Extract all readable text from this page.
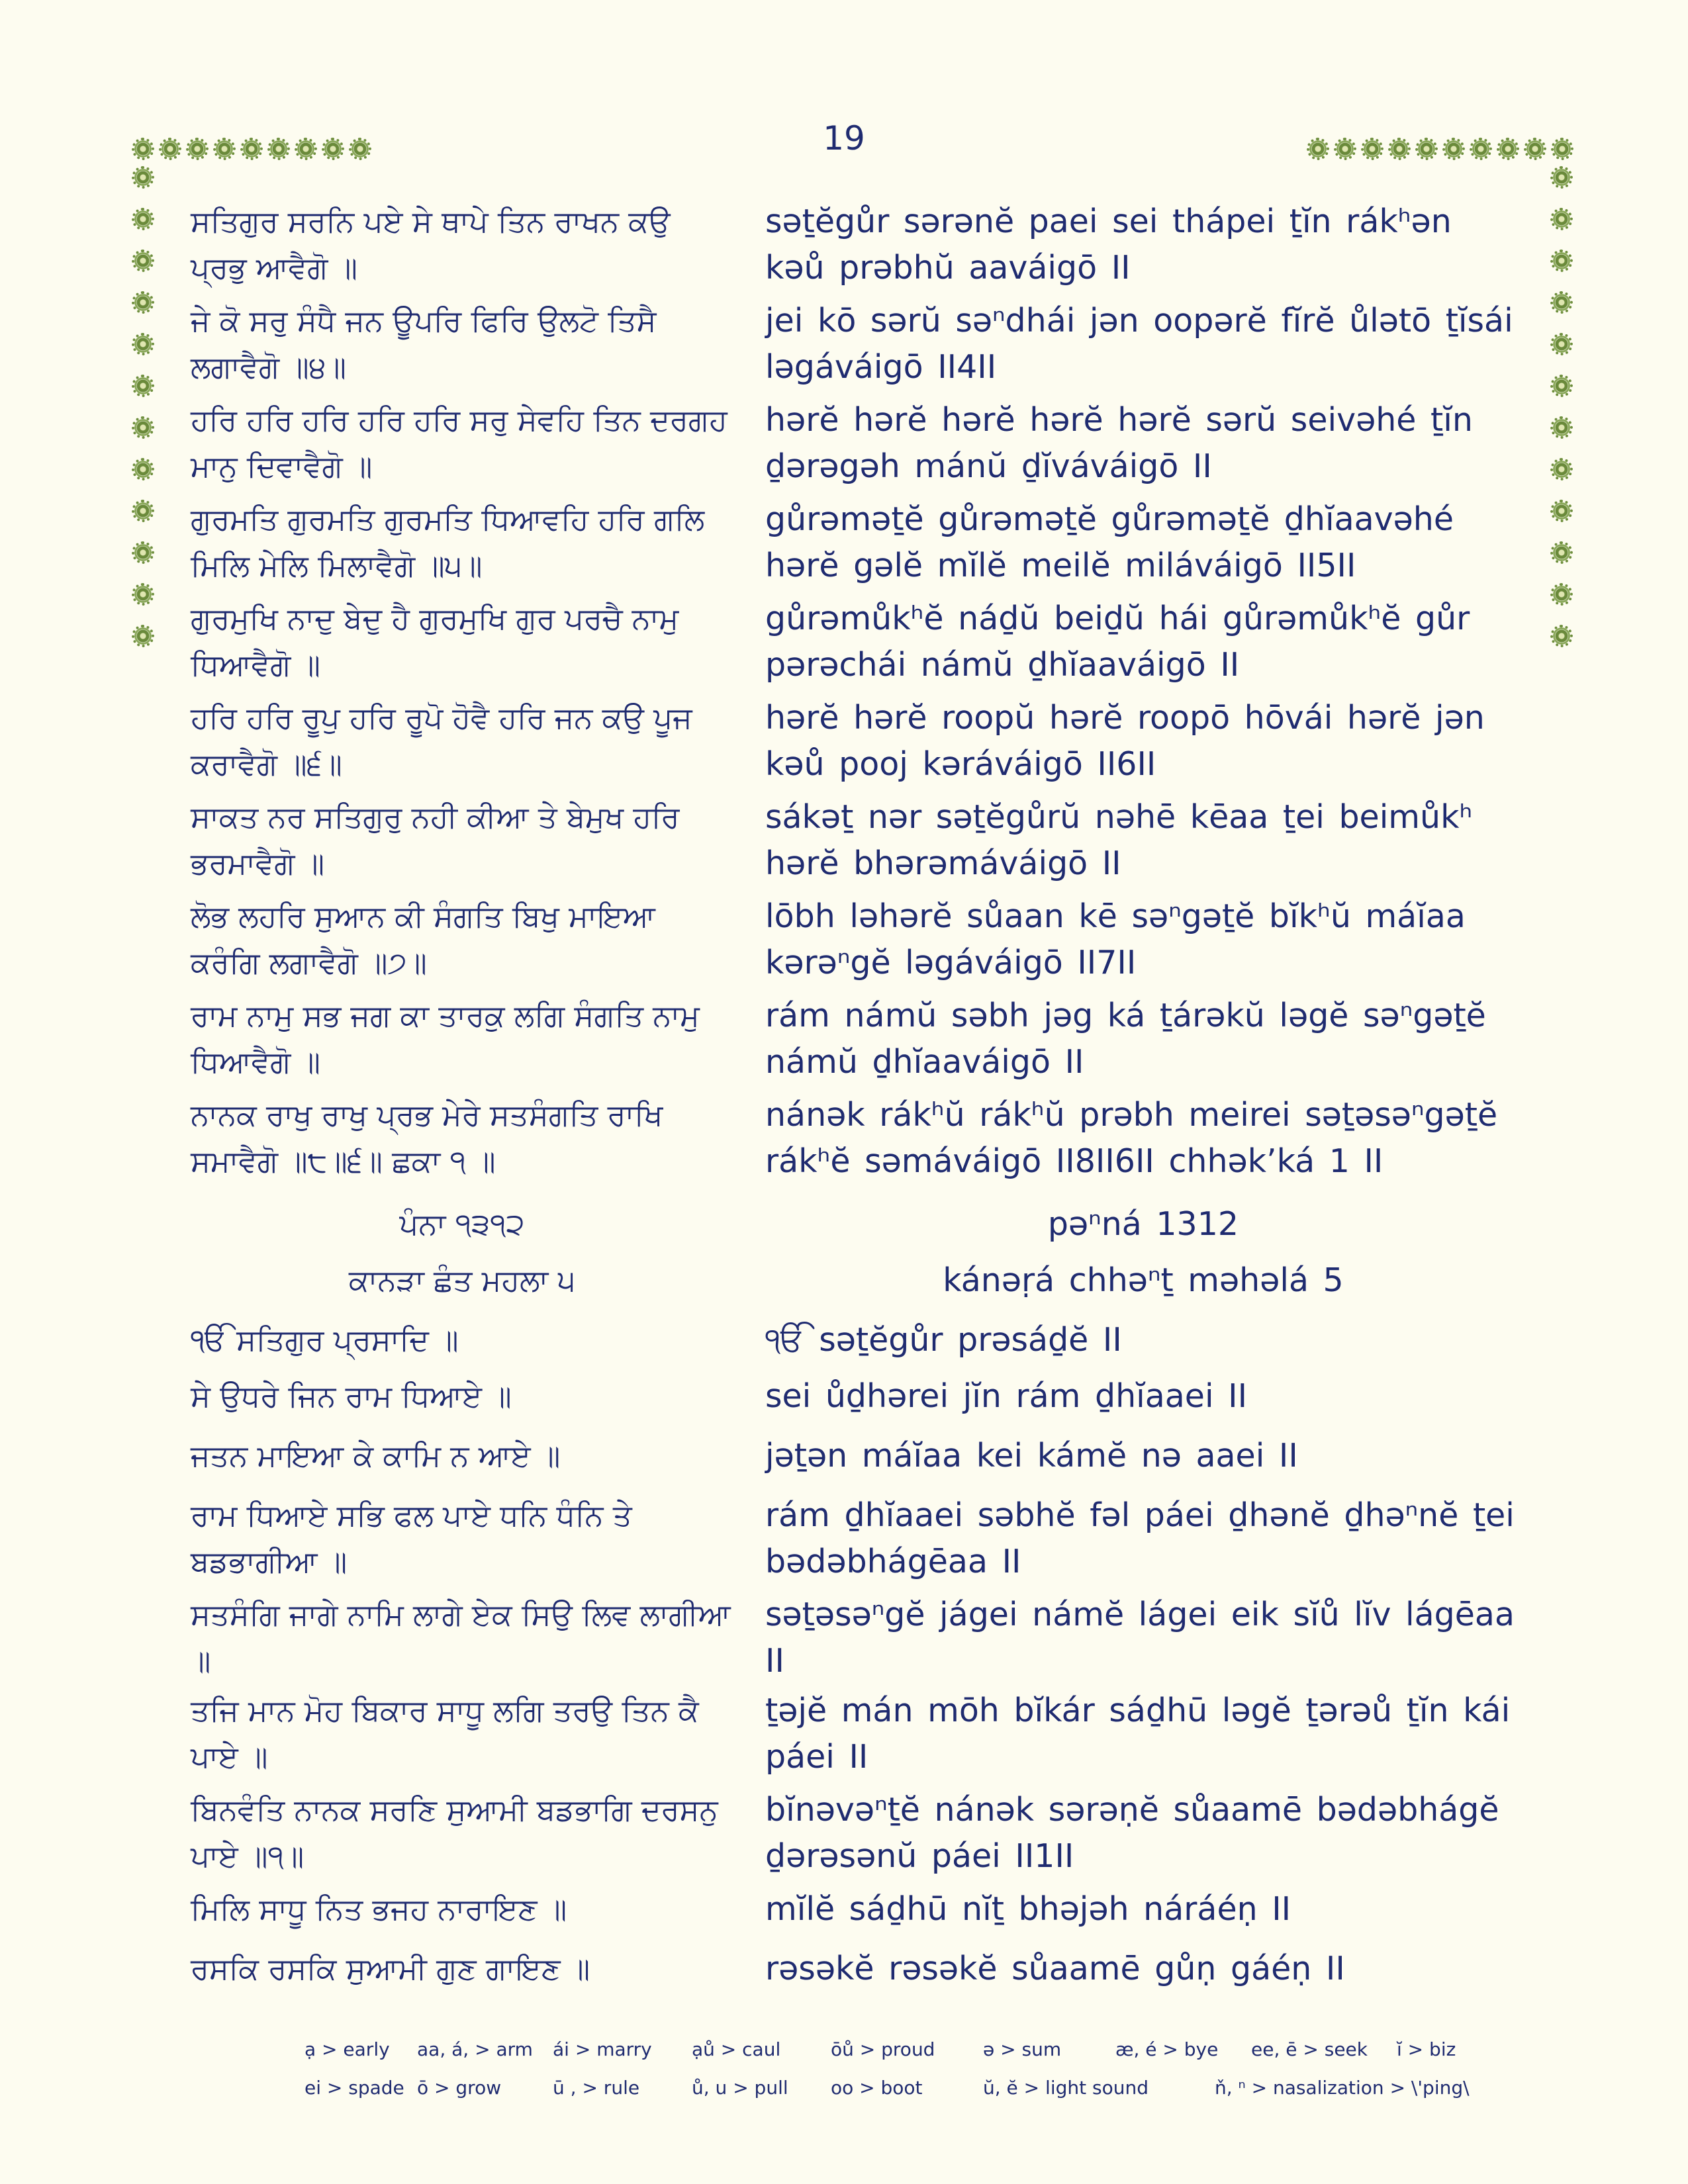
19
ਸਤਿਗੁਰ ਸਰਨਿ ਪਏ ਸੇ ਥਾਪੇ ਤਿਨ ਰਾਖਨ ਕਉ ਪ੍ਰਭੁ ਆਵੈਗੋ ॥
səṯĕgůr sərənĕ paei sei thápei ṯĭn rákʰən kəů prəbhŭ aaváigō II
ਜੇ ਕੋ ਸਰੁ ਸੰਧੈ ਜਨ ਊਪਰਿ ਫਿਰਿ ਉਲਟੋ ਤਿਸੈ ਲਗਾਵੈਗੋ ॥੪॥
jei kō sərŭ səⁿdhái jən oopərĕ fĭrĕ ůlətō ṯĭsái ləgáváigō II4II
ਹਰਿ ਹਰਿ ਹਰਿ ਹਰਿ ਹਰਿ ਸਰੁ ਸੇਵਹਿ ਤਿਨ ਦਰਗਹ ਮਾਨੁ ਦਿਵਾਵੈਗੋ ॥
hərĕ hərĕ hərĕ hərĕ hərĕ sərŭ seivəhé ṯĭn ḏərəgəh mánŭ ḏĭváváigō II
ਗੁਰਮਤਿ ਗੁਰਮਤਿ ਗੁਰਮਤਿ ਧਿਆਵਹਿ ਹਰਿ ਗਲਿ ਮਿਲਿ ਮੇਲਿ ਮਿਲਾਵੈਗੋ ॥੫॥
gůrəməṯĕ gůrəməṯĕ gůrəməṯĕ ḏhĭaavəhé hərĕ gəlĕ mĭlĕ meilĕ miláváigō II5II
ਗੁਰਮੁਖਿ ਨਾਦੁ ਬੇਦੁ ਹੈ ਗੁਰਮੁਖਿ ਗੁਰ ਪਰਚੈ ਨਾਮੁ ਧਿਆਵੈਗੋ ॥
gůrəmůkʰĕ náḏŭ beiḏŭ hái gůrəmůkʰĕ gůr pərəchái námŭ ḏhĭaaváigō II
ਹਰਿ ਹਰਿ ਰੂਪੁ ਹਰਿ ਰੂਪੋ ਹੋਵੈ ਹਰਿ ਜਨ ਕਉ ਪੂਜ ਕਰਾਵੈਗੋ ॥੬॥
hərĕ hərĕ roopŭ hərĕ roopō hōvái hərĕ jən kəů pooj kəráváigō II6II
ਸਾਕਤ ਨਰ ਸਤਿਗੁਰੁ ਨਹੀ ਕੀਆ ਤੇ ਬੇਮੁਖ ਹਰਿ ਭਰਮਾਵੈਗੋ ॥
sákəṯ nər səṯĕgůrŭ nəhē kēaa ṯei beimůkʰ hərĕ bhərəmáváigō II
ਲੋਭ ਲਹਰਿ ਸੁਆਨ ਕੀ ਸੰਗਤਿ ਬਿਖੁ ਮਾਇਆ ਕਰੰਗਿ ਲਗਾਵੈਗੋ ॥੭॥
lōbh ləhərĕ sůaan kē səⁿgəṯĕ bĭkʰŭ máĭaa kərəⁿgĕ ləgáváigō II7II
ਰਾਮ ਨਾਮੁ ਸਭ ਜਗ ਕਾ ਤਾਰਕੁ ਲਗਿ ਸੰਗਤਿ ਨਾਮੁ ਧਿਆਵੈਗੋ ॥
rám námŭ səbh jəg ká ṯárəkŭ ləgĕ səⁿgəṯĕ námŭ ḏhĭaaváigō II
ਨਾਨਕ ਰਾਖੁ ਰਾਖੁ ਪ੍ਰਭ ਮੇਰੇ ਸਤਸੰਗਤਿ ਰਾਖਿ ਸਮਾਵੈਗੋ ॥੮॥੬॥ ਛਕਾ ੧ ॥
nánək rákʰŭ rákʰŭ prəbh meirei səṯəsəⁿgəṯĕ rákʰĕ səmáváigō II8II6II chhək’ká 1 II
ਪੰਨਾ ੧੩੧੨	pəⁿná 1312
ਕਾਨੜਾ ਛੰਤ ਮਹਲਾ ੫	kánəṛá chhəⁿṯ məhəlá 5
ੴ ਸਤਿਗੁਰ ਪ੍ਰਸਾਦਿ ॥	ੴ səṯĕgůr prəsáḏĕ II
ਸੇ ਉਧਰੇ ਜਿਨ ਰਾਮ ਧਿਆਏ ॥	sei ůḏhərei jĭn rám ḏhĭaaei II
ਜਤਨ ਮਾਇਆ ਕੇ ਕਾਮਿ ਨ ਆਏ ॥	jəṯən máĭaa kei kámĕ nə aaei II
ਰਾਮ ਧਿਆਏ ਸਭਿ ਫਲ ਪਾਏ ਧਨਿ ਧੰਨਿ ਤੇ ਬਡਭਾਗੀਆ ॥
rám ḏhĭaaei səbhĕ fəl páei ḏhənĕ ḏhəⁿnĕ ṯei bədəbhágēaa II
ਸਤਸੰਗਿ ਜਾਗੇ ਨਾਮਿ ਲਾਗੇ ਏਕ ਸਿਉ ਲਿਵ ਲਾਗੀਆ ॥
səṯəsəⁿgĕ jágei námĕ lágei eik sĭů lĭv lágēaa II
ਤਜਿ ਮਾਨ ਮੋਹ ਬਿਕਾਰ ਸਾਧੂ ਲਗਿ ਤਰਉ ਤਿਨ ਕੈ ਪਾਏ ॥
ṯəjĕ mán mōh bĭkár sáḏhū ləgĕ ṯərəů ṯĭn kái páei II
ਬਿਨਵੰਤਿ ਨਾਨਕ ਸਰਣਿ ਸੁਆਮੀ ਬਡਭਾਗਿ ਦਰਸਨੁ ਪਾਏ ॥੧॥
bĭnəvəⁿṯĕ nánək sərəṇĕ sůaamē bədəbhágĕ ḏərəsənŭ páei II1II
ਮਿਲਿ ਸਾਧੂ ਨਿਤ ਭਜਹ ਨਾਰਾਇਣ ॥	mĭlĕ sáḏhū nĭṯ bhəjəh náráéṇ II
ਰਸਕਿ ਰਸਕਿ ਸੁਆਮੀ ਗੁਣ ਗਾਇਣ ॥	rəsəkĕ rəsəkĕ sůaamē gůṇ gáéṇ II
ạ > early aa, á, > arm ái > marry ạů > caul	ōů > proud	ə > sum	æ, é > bye ee, ē > seek ĭ > biz
ei > spade ō > grow	ū , > rule	ů, u > pull oo > boot	ŭ, ĕ > light sound	ň, ⁿ > nasalization > \'ping\
